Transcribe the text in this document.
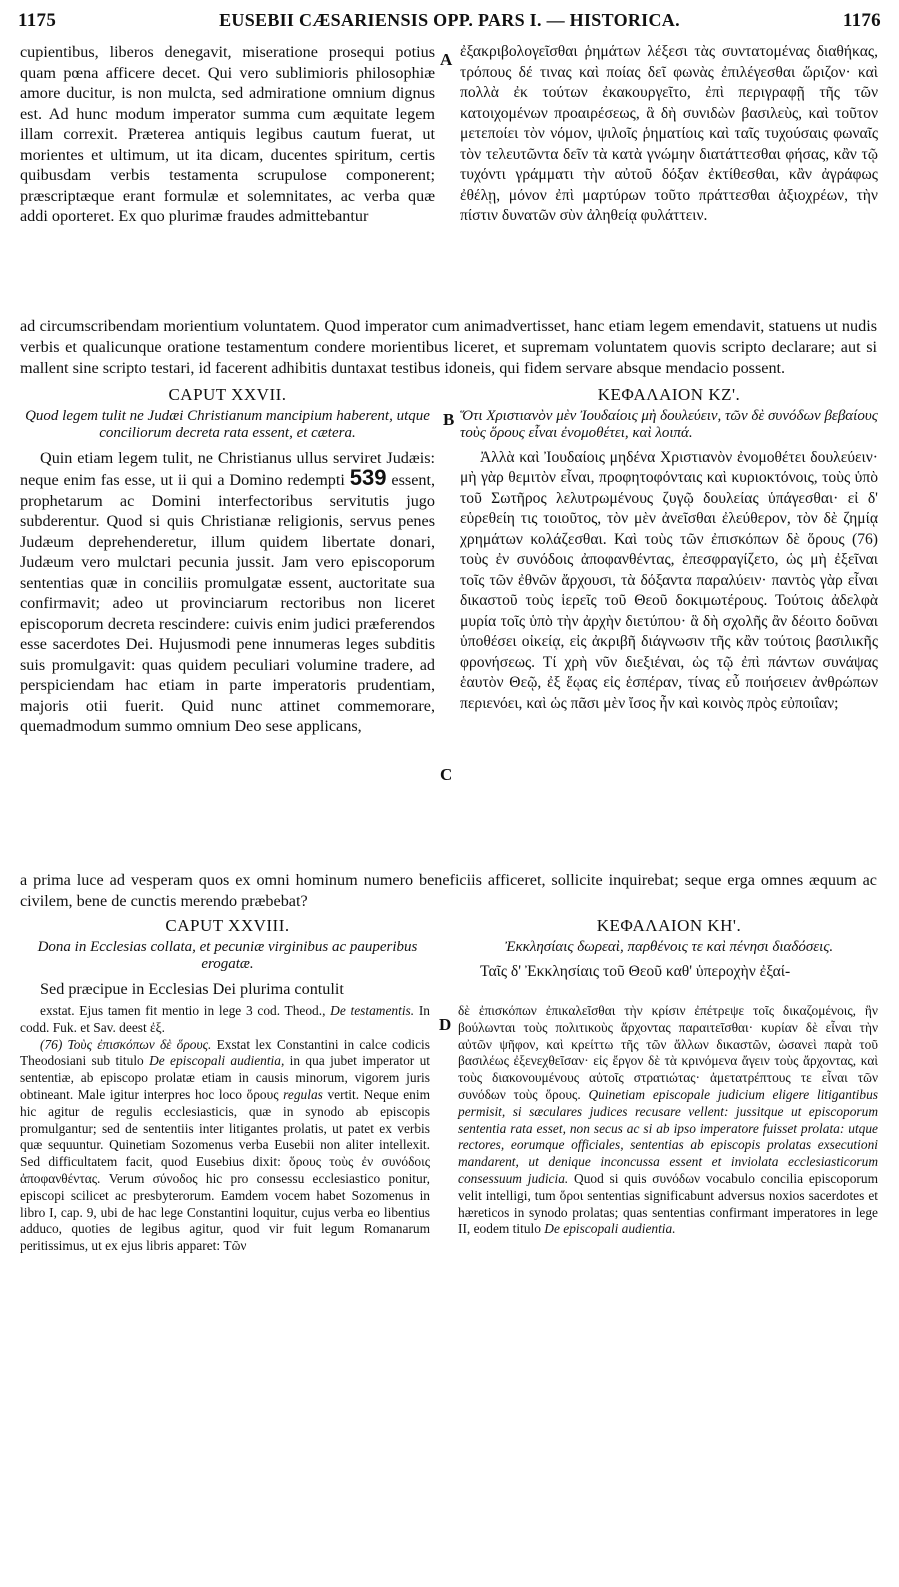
1175	EUSEBII CÆSARIENSIS OPP. PARS I. — HISTORICA.	1176

cupientibus, liberos denegavit, miseratione prosequi potius quam pœna afficere decet. Qui vero sublimioris philosophiæ amore ducitur, is non mulcta, sed admiratione omnium dignus est. Ad hunc modum imperator summa cum æquitate legem illam correxit. Præterea antiquis legibus cautum fuerat, ut morientes et ultimum, ut ita dicam, ducentes spiritum, certis quibusdam verbis testamenta scrupulose componerent; præscriptæque erant formulæ et solemnitates, ac verba quæ addi oporteret. Ex quo plurimæ fraudes admittebantur

A ἐξακριβολογεῖσθαι ῥημάτων λέξεσι τὰς συντατομένας διαθήκας, τρόπους δέ τινας καὶ ποίας δεῖ φωνὰς ἐπιλέγεσθαι ὥριζον· καὶ πολλὰ ἐκ τούτων ἐκακουργεῖτο, ἐπὶ περιγραφῇ τῆς τῶν κατοιχομένων προαιρέσεως, ἃ δὴ συνιδὼν βασιλεὺς, καὶ τοῦτον μετεποίει τὸν νόμον, ψιλοῖς ῥηματίοις καὶ ταῖς τυχούσαις φωναῖς τὸν τελευτῶντα δεῖν τὰ κατὰ γνώμην διατάττεσθαι φήσας, κἂν τῷ τυχόντι γράμματι τὴν αὐτοῦ δόξαν ἐκτίθεσθαι, κἂν ἀγράφως ἐθέλῃ, μόνον ἐπὶ μαρτύρων τοῦτο πράττεσθαι ἀξιοχρέων, τὴν πίστιν δυνατῶν σὺν ἀληθείᾳ φυλάττειν.

ad circumscribendam morientium voluntatem. Quod imperator cum animadvertisset, hanc etiam legem emendavit, statuens ut nudis verbis et qualicunque oratione testamentum condere morientibus liceret, et supremam voluntatem quovis scripto declarare; aut si mallent sine scripto testari, id facerent adhibitis duntaxat testibus idoneis, qui fidem servare absque mendacio possent.
B
CAPUT XXVII.
Quod legem tulit ne Judæi Christianum mancipium haberent, utque conciliorum decreta rata essent, et cætera.

Quin etiam legem tulit, ne Christianus ullus serviret Judæis: neque enim fas esse, ut ii qui a Domino redempti 539 essent, prophetarum ac Domini interfectoribus servitutis jugo subderentur. Quod si quis Christianæ religionis, servus penes Judæum deprehenderetur, illum quidem libertate donari, Judæum vero mulctari pecunia jussit. Jam vero episcoporum sententias quæ in conciliis promulgatæ essent, auctoritate sua confirmavit; adeo ut provinciarum rectoribus non liceret episcoporum decreta rescindere: cuivis enim judici præferendos esse sacerdotes Dei. Hujusmodi pene innumeras leges subditis suis promulgavit: quas quidem peculiari volumine tradere, ad perspiciendam hac etiam in parte imperatoris prudentiam, majoris otii fuerit. Quid nunc attinet commemorare, quemadmodum summo omnium Deo sese applicans,

ΚΕΦΑΛΑΙΟΝ ΚΖ'.
Ὅτι Χριστιανὸν μὲν Ἰουδαίοις μὴ δουλεύειν, τῶν δὲ συνόδων βεβαίους τοὺς ὅρους εἶναι ἐνομοθέτει, καὶ λοιπά.

Ἀλλὰ καὶ Ἰουδαίοις μηδένα Χριστιανὸν ἐνομοθέτει δουλεύειν· μὴ γὰρ θεμιτὸν εἶναι, προφητοφόνταις καὶ κυριοκτόνοις, τοὺς ὑπὸ τοῦ Σωτῆρος λελυτρωμένους ζυγῷ δουλείας ὑπάγεσθαι· εἰ δ' εὑρεθείη τις τοιοῦτος, τὸν μὲν ἀνεῖσθαι ἐλεύθερον, τὸν δὲ ζημίᾳ χρημάτων κολάζεσθαι. Καὶ τοὺς τῶν ἐπισκόπων δὲ ὅρους (76) τοὺς ἐν συνόδοις ἀποφανθέντας, ἐπεσφραγίζετο, ὡς μὴ ἐξεῖναι τοῖς τῶν ἐθνῶν ἄρχουσι, τὰ δόξαντα παραλύειν· παντὸς γὰρ εἶναι δικαστοῦ τοὺς ἱερεῖς τοῦ Θεοῦ δοκιμωτέρους. Τούτοις ἀδελφὰ μυρία τοῖς ὑπὸ τὴν ἀρχὴν διετύπου· ἃ δὴ σχολῆς ἂν δέοιτο δοῦναι ὑποθέσει οἰκείᾳ, εἰς ἀκριβῆ διάγνωσιν τῆς κἂν τούτοις βασιλικῆς φρονήσεως. Τί χρὴ νῦν διεξιέναι, ὡς τῷ ἐπὶ πάντων συνάψας ἑαυτὸν Θεῷ, ἐξ ἕῳας εἰς ἑσπέραν, τίνας εὖ ποιήσειεν ἀνθρώπων περιενόει, καὶ ὡς πᾶσι μὲν ἴσος ἦν καὶ κοινὸς πρὸς εὐποιΐαν;

C
a prima luce ad vesperam quos ex omni hominum numero beneficiis afficeret, sollicite inquirebat; seque erga omnes æquum ac civilem, bene de cunctis merendo præbebat?
CAPUT XXVIII.
Dona in Ecclesias collata, et pecuniæ virginibus ac pauperibus erogatæ.

Sed præcipue in Ecclesias Dei plurima contulit

ΚΕΦΑΛΑΙΟΝ ΚΗ'.
Ἐκκλησίαις δωρεαὶ, παρθένοις τε καὶ πένησι διαδόσεις.

Ταῖς δ' Ἐκκλησίαις τοῦ Θεοῦ καθ' ὑπεροχὴν ἐξαί-

exstat. Ejus tamen fit mentio in lege 3 cod. Theod., De testamentis. In codd. Fuk. et Sav. deest ἐξ.

(76) Τοὺς ἐπισκόπων δὲ ὅρους. Exstat lex Constantini in calce codicis Theodosiani sub titulo De episcopali audientia, in qua jubet imperator ut sententiæ, ab episcopo prolatæ etiam in causis minorum, vigorem juris obtineant. Male igitur interpres hoc loco ὅρους regulas vertit. Neque enim hic agitur de regulis ecclesiasticis, quæ in synodo ab episcopis promulgantur; sed de sententiis inter litigantes prolatis, ut patet ex verbis quæ sequuntur. Quinetiam Sozomenus verba Eusebii non aliter intellexit. Sed difficultatem facit, quod Eusebius dixit: ὅρους τοὺς ἐν συνόδοις ἀποφανθέντας. Verum σύνοδος hic pro consessu ecclesiastico ponitur, episcopi scilicet ac presbyterorum. Eamdem vocem habet Sozomenus in libro I, cap. 9, ubi de hac lege Constantini loquitur, cujus verba eo libentius adduco, quoties de legibus agitur, quod vir fuit legum Romanarum peritissimus, ut ex ejus libris apparet: Τῶν

D

δὲ ἐπισκόπων ἐπικαλεῖσθαι τὴν κρίσιν ἐπέτρεψε τοῖς δικαζομένοις, ἣν βούλωνται τοὺς πολιτικοὺς ἄρχοντας παραιτεῖσθαι· κυρίαν δὲ εἶναι τὴν αὐτῶν ψῆφον, καὶ κρείττω τῆς τῶν ἄλλων δικαστῶν, ὡσανεὶ παρὰ τοῦ βασιλέως ἐξενεχθεῖσαν· εἰς ἔργον δὲ τὰ κρινόμενα ἄγειν τοὺς ἄρχοντας, καὶ τοὺς διακονουμένους αὐτοῖς στρατιώτας· ἀμετατρέπτους τε εἶναι τῶν συνόδων τοὺς ὅρους. Quinetiam episcopale judicium eligere litigantibus permisit, si sæculares judices recusare vellent: jussitque ut episcoporum sententia rata esset, non secus ac si ab ipso imperatore fuisset prolata: utque rectores, eorumque officiales, sententias ab episcopis prolatas exsecutioni mandarent, ut denique inconcussa essent et inviolata ecclesiasticorum consessuum judicia. Quod si quis συνόδων vocabulo concilia episcoporum velit intelligi, tum ὅροι sententias significabunt adversus noxios sacerdotes et hæreticos in synodo prolatas; quas sententias confirmant imperatores in lege II, eodem titulo De episcopali audientia.
